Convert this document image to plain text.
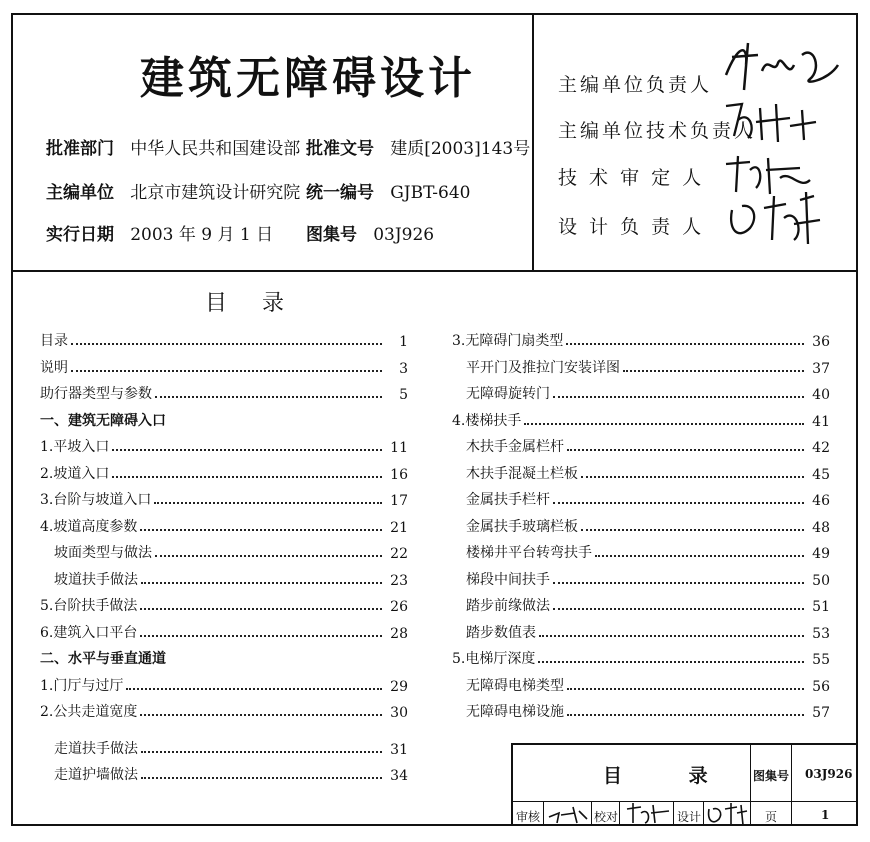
建筑无障碍设计
批准部门 中华人民共和国建设部 批准文号 建质[2003]143号
主编单位 北京市建筑设计研究院 统一编号 GJBT-640
实行日期 2003 年 9 月 1 日 图集号 03J926
主编单位负责人
主编单位技术负责人
技 术 审 定 人
设 计 负 责 人
目 录
目录	1
说明	3
助行器类型与参数	5
一、建筑无障碍入口
1.平坡入口	11
2.坡道入口	16
3.台阶与坡道入口	17
4.坡道高度参数	21
坡面类型与做法	22
坡道扶手做法	23
5.台阶扶手做法	26
6.建筑入口平台	28
二、水平与垂直通道
1.门厅与过厅	29
2.公共走道宽度	30
走道扶手做法	31
走道护墙做法	34
3.无障碍门扇类型	36
平开门及推拉门安装详图	37
无障碍旋转门	40
4.楼梯扶手	41
木扶手金属栏杆	42
木扶手混凝土栏板	45
金属扶手栏杆	46
金属扶手玻璃栏板	48
楼梯井平台转弯扶手	49
梯段中间扶手	50
踏步前缘做法	51
踏步数值表	53
5.电梯厅深度	55
无障碍电梯类型	56
无障碍电梯设施	57
目 录 图集号 03J926
审核	校对	设计	页	1
